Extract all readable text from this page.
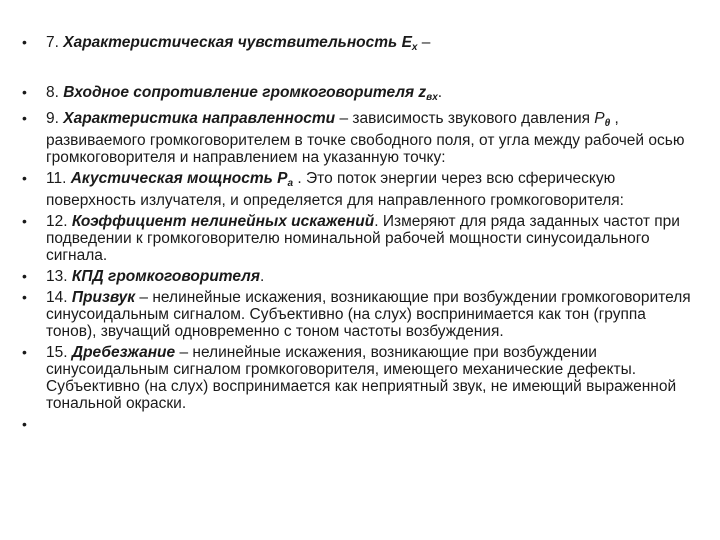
• 7. Характеристическая чувствительность $E_х$ –
• 8. Входное сопротивление громкоговорителя $z_{вх}$.
• 9. Характеристика направленности – зависимость звукового давления $P_\theta$ , развиваемого громкоговорителем в точке свободного поля, от угла между рабочей осью громкоговорителя и направлением на указанную точку:
• 11. Акустическая мощность $P_а$ . Это поток энергии через всю сферическую поверхность излучателя, и определяется для направленного громкоговорителя:
• 12. Коэффициент нелинейных искажений. Измеряют для ряда заданных частот при подведении к громкоговорителю номинальной рабочей мощности синусоидального сигнала.
• 13. КПД громкоговорителя.
• 14. Призвук – нелинейные искажения, возникающие при возбуждении громкоговорителя синусоидальным сигналом. Субъективно (на слух) воспринимается как тон (группа тонов), звучащий одновременно с тоном частоты возбуждения.
• 15. Дребезжание – нелинейные искажения, возникающие при возбуждении синусоидальным сигналом громкоговорителя, имеющего механические дефекты. Субъективно (на слух) воспринимается как неприятный звук, не имеющий выраженной тональной окраски.
•
